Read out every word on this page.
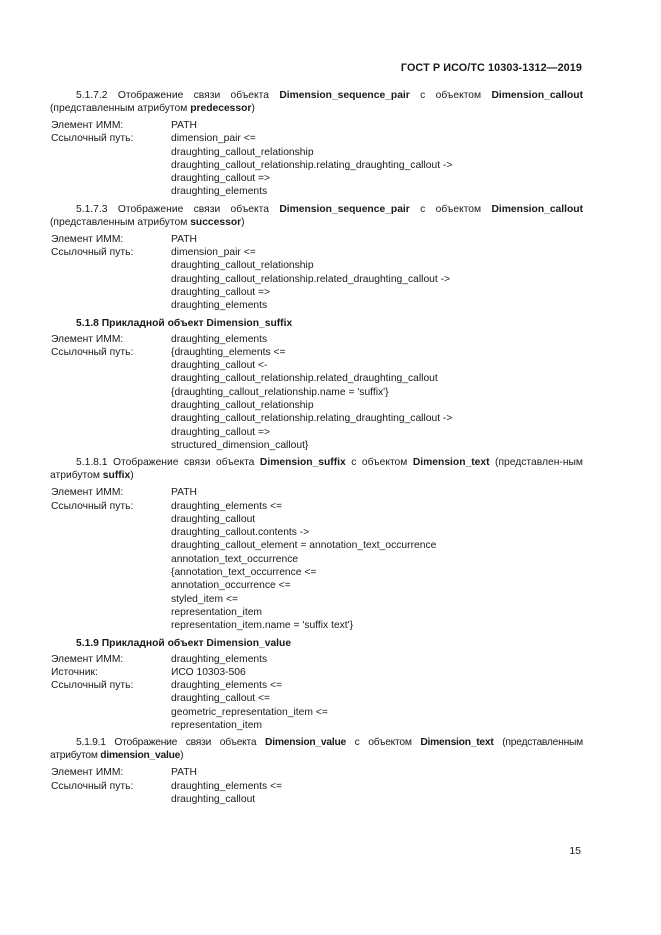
ГОСТ Р ИСО/ТС 10303-1312—2019

5.1.7.2 Отображение связи объекта Dimension_sequence_pair с объектом Dimension_callout (представленным атрибутом predecessor)

Элемент ИММ:	PATH
Ссылочный путь:	dimension_pair <=
draughting_callout_relationship
draughting_callout_relationship.relating_draughting_callout ->
draughting_callout =>
draughting_elements

5.1.7.3 Отображение связи объекта Dimension_sequence_pair с объектом Dimension_callout (представленным атрибутом successor)

Элемент ИММ:	PATH
Ссылочный путь:	dimension_pair <=
draughting_callout_relationship
draughting_callout_relationship.related_draughting_callout ->
draughting_callout =>
draughting_elements
5.1.8 Прикладной объект Dimension_suffix
Элемент ИММ:	draughting_elements
Ссылочный путь:	{draughting_elements <=
draughting_callout <-
draughting_callout_relationship.related_draughting_callout
{draughting_callout_relationship.name = 'suffix'}
draughting_callout_relationship
draughting_callout_relationship.relating_draughting_callout ->
draughting_callout =>
structured_dimension_callout}

5.1.8.1 Отображение связи объекта Dimension_suffix с объектом Dimension_text (представлен-ным атрибутом suffix)

Элемент ИММ:	PATH
Ссылочный путь:	draughting_elements <=
draughting_callout
draughting_callout.contents ->
draughting_callout_element = annotation_text_occurrence
annotation_text_occurrence
{annotation_text_occurrence <=
annotation_occurrence <=
styled_item <=
representation_item
representation_item.name = 'suffix text'}
5.1.9 Прикладной объект Dimension_value
Элемент ИММ:	draughting_elements
Источник:	ИСО 10303-506
Ссылочный путь:	draughting_elements <=
draughting_callout <=
geometric_representation_item <=
representation_item

5.1.9.1 Отображение связи объекта Dimension_value с объектом Dimension_text (представленным атрибутом dimension_value)

Элемент ИММ:	PATH
Ссылочный путь:	draughting_elements <=
draughting_callout
15
